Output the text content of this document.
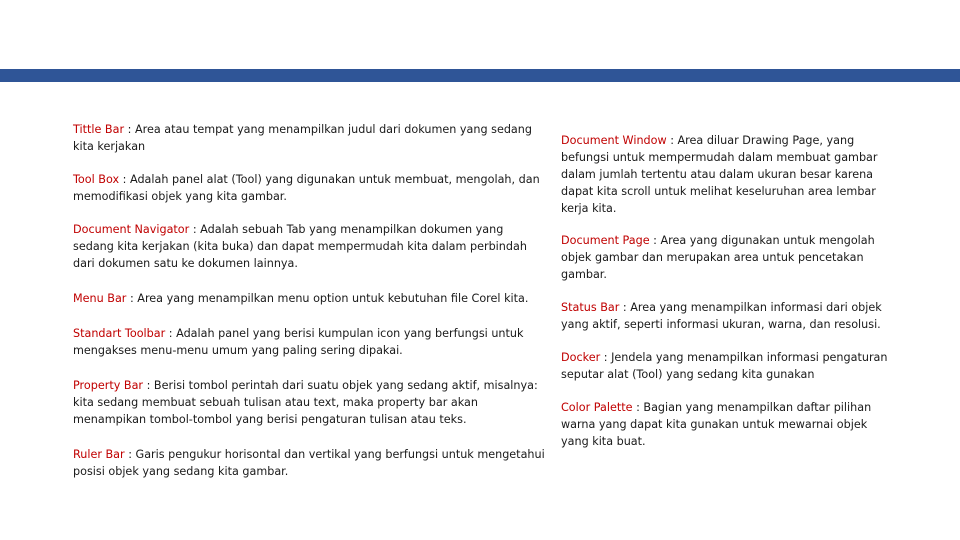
Tittle Bar : Area atau tempat yang menampilkan judul dari dokumen yang sedang kita kerjakan

Tool Box : Adalah panel alat (Tool) yang digunakan untuk membuat, mengolah, dan memodifikasi objek yang kita gambar.

Document Navigator : Adalah sebuah Tab yang menampilkan dokumen yang sedang kita kerjakan (kita buka) dan dapat mempermudah kita dalam perbindah dari dokumen satu ke dokumen lainnya.

Menu Bar : Area yang menampilkan menu option untuk kebutuhan file Corel kita.

Standart Toolbar : Adalah panel yang berisi kumpulan icon yang berfungsi untuk mengakses menu-menu umum yang paling sering dipakai.

Property Bar : Berisi tombol perintah dari suatu objek yang sedang aktif, misalnya: kita sedang membuat sebuah tulisan atau text, maka property bar akan menampikan tombol-tombol yang berisi pengaturan tulisan atau teks.

Ruler Bar : Garis pengukur horisontal dan vertikal yang berfungsi untuk mengetahui posisi objek yang sedang kita gambar.

Document Window : Area diluar Drawing Page, yang befungsi untuk mempermudah dalam membuat gambar dalam jumlah tertentu atau dalam ukuran besar karena dapat kita scroll untuk melihat keseluruhan area lembar kerja kita.

Document Page : Area yang digunakan untuk mengolah objek gambar dan merupakan area untuk pencetakan gambar.

Status Bar : Area yang menampilkan informasi dari objek yang aktif, seperti informasi ukuran, warna, dan resolusi.

Docker : Jendela yang menampilkan informasi pengaturan seputar alat (Tool) yang sedang kita gunakan

Color Palette : Bagian yang menampilkan daftar pilihan warna yang dapat kita gunakan untuk mewarnai objek yang kita buat.
